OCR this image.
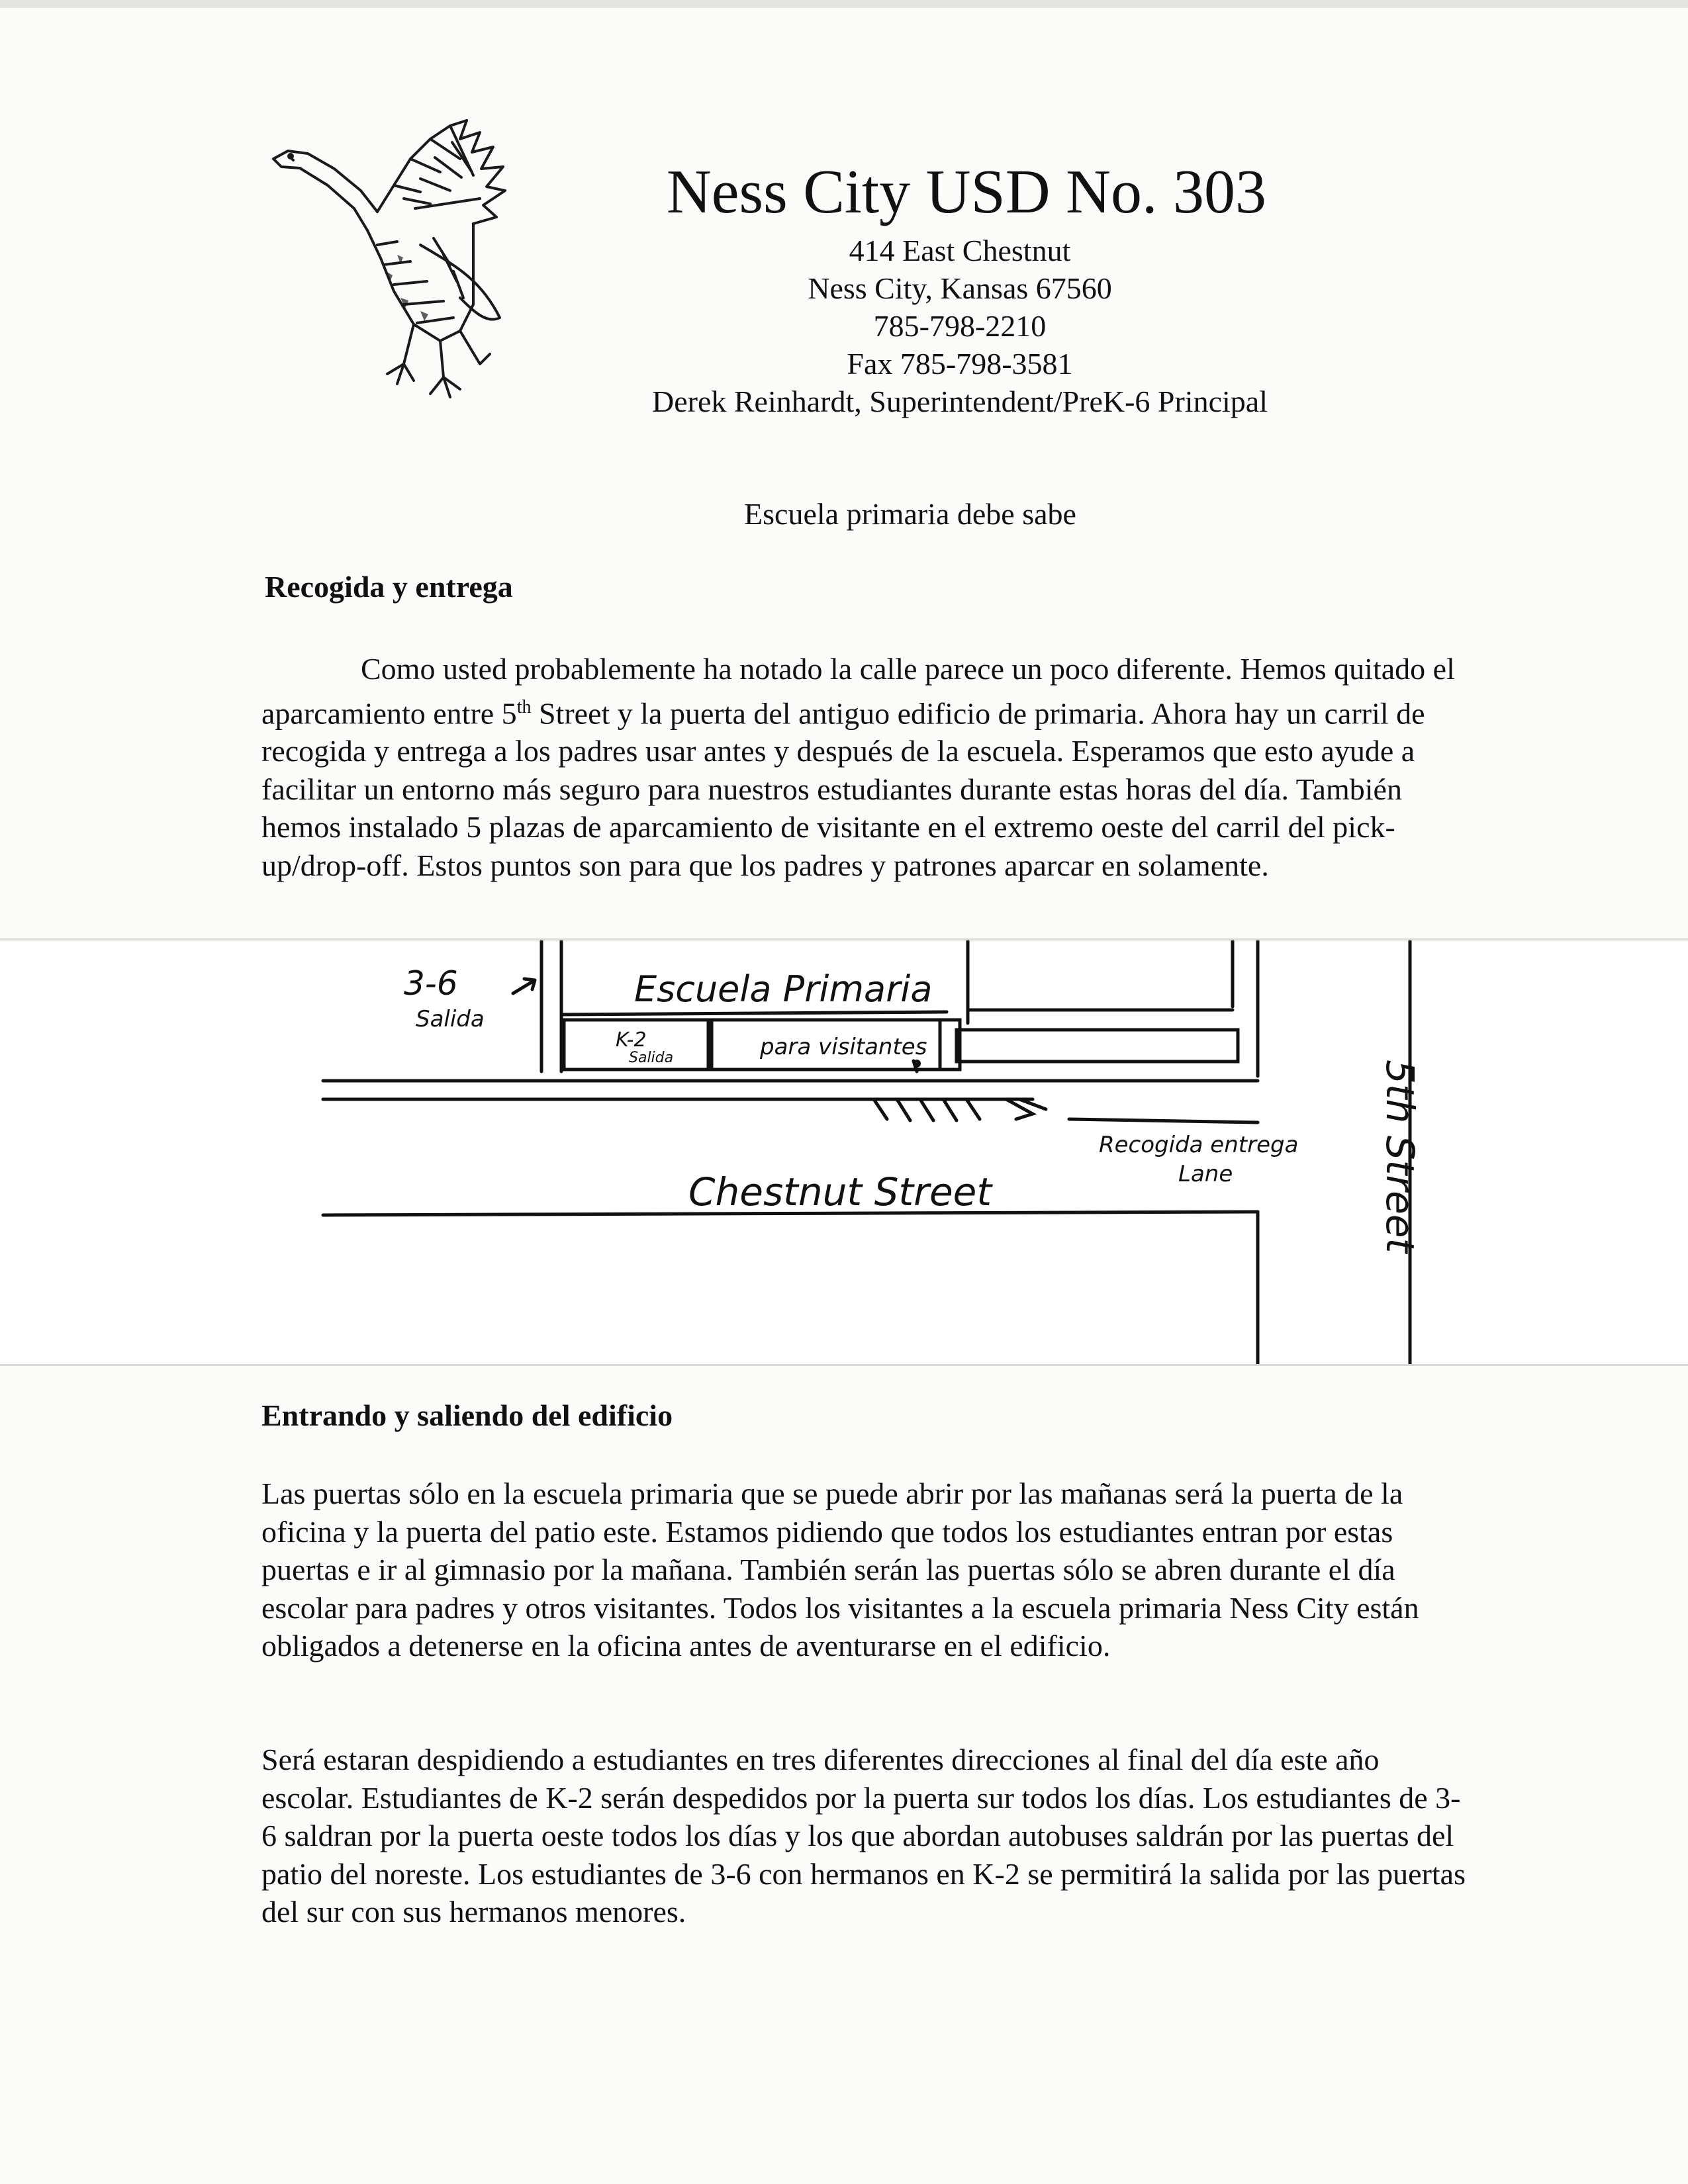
Ness City USD No. 303
414 East Chestnut
Ness City, Kansas 67560
785-798-2210
Fax 785-798-3581
Derek Reinhardt, Superintendent/PreK-6 Principal
Escuela primaria debe sabe
Recogida y entrega

Como usted probablemente ha notado la calle parece un poco diferente. Hemos quitado el aparcamiento entre 5th Street y la puerta del antiguo edificio de primaria. Ahora hay un carril de recogida y entrega a los padres usar antes y después de la escuela. Esperamos que esto ayude a facilitar un entorno más seguro para nuestros estudiantes durante estas horas del día. También hemos instalado 5 plazas de aparcamiento de visitante en el extremo oeste del carril del pick-up/drop-off. Estos puntos son para que los padres y patrones aparcar en solamente.

3-6
Salida
Escuela Primaria
K-2
Salida	para visitantes
Recogida entrega
Lane
Chestnut Street	5th Street
Entrando y saliendo del edificio

Las puertas sólo en la escuela primaria que se puede abrir por las mañanas será la puerta de la oficina y la puerta del patio este. Estamos pidiendo que todos los estudiantes entran por estas puertas e ir al gimnasio por la mañana. También serán las puertas sólo se abren durante el día escolar para padres y otros visitantes. Todos los visitantes a la escuela primaria Ness City están obligados a detenerse en la oficina antes de aventurarse en el edificio.

Será estaran despidiendo a estudiantes en tres diferentes direcciones al final del día este año escolar. Estudiantes de K-2 serán despedidos por la puerta sur todos los días. Los estudiantes de 3-6 saldran por la puerta oeste todos los días y los que abordan autobuses saldrán por las puertas del patio del noreste. Los estudiantes de 3-6 con hermanos en K-2 se permitirá la salida por las puertas del sur con sus hermanos menores.
